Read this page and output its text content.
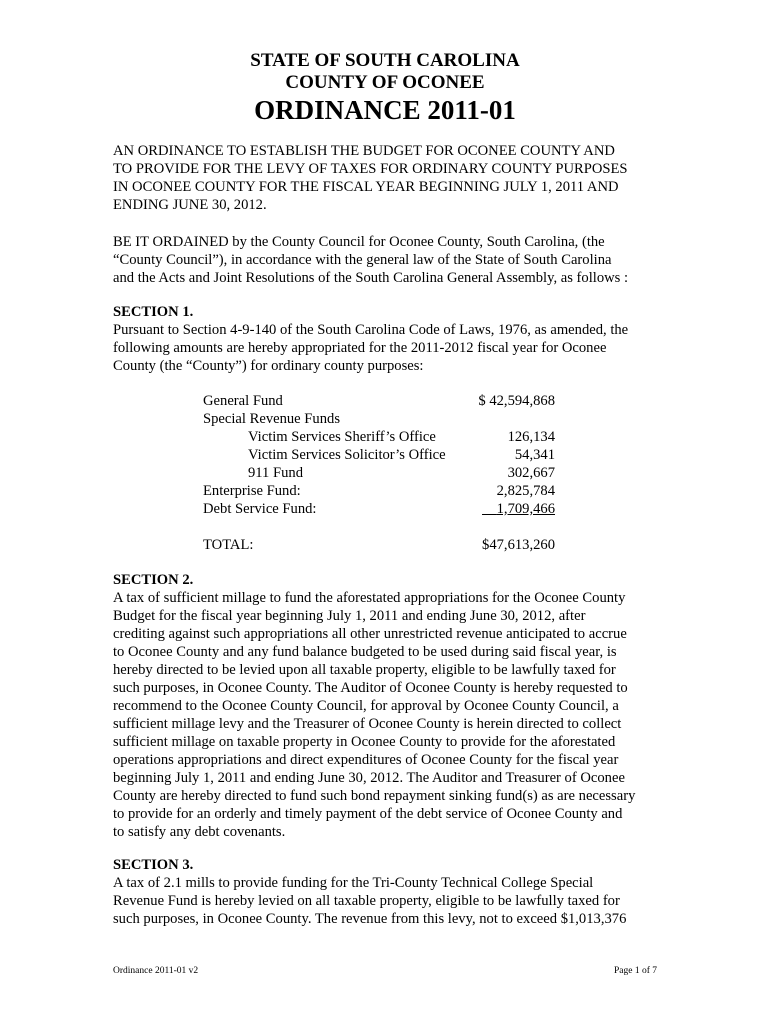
STATE OF SOUTH CAROLINA
COUNTY OF OCONEE
ORDINANCE 2011-01
AN ORDINANCE TO ESTABLISH THE BUDGET FOR OCONEE COUNTY AND
TO PROVIDE FOR THE LEVY OF TAXES FOR ORDINARY COUNTY PURPOSES
IN OCONEE COUNTY FOR THE FISCAL YEAR BEGINNING JULY 1, 2011 AND
ENDING JUNE 30, 2012.
BE IT ORDAINED by the County Council for Oconee County, South Carolina, (the
“County Council”), in accordance with the general law of the State of South Carolina
and the Acts and Joint Resolutions of the South Carolina General Assembly, as follows :
SECTION 1.
Pursuant to Section 4-9-140 of the South Carolina Code of Laws, 1976, as amended, the
following amounts are hereby appropriated for the 2011-2012 fiscal year for Oconee
County (the “County”) for ordinary county purposes:
General Fund	$ 42,594,868
Special Revenue Funds
Victim Services Sheriff’s Office	126,134
Victim Services Solicitor’s Office	54,341
911 Fund	302,667
Enterprise Fund:	2,825,784
Debt Service Fund:	1,709,466
TOTAL:	$47,613,260
SECTION 2.
A tax of sufficient millage to fund the aforestated appropriations for the Oconee County
Budget for the fiscal year beginning July 1, 2011 and ending June 30, 2012, after
crediting against such appropriations all other unrestricted revenue anticipated to accrue
to Oconee County and any fund balance budgeted to be used during said fiscal year, is
hereby directed to be levied upon all taxable property, eligible to be lawfully taxed for
such purposes, in Oconee County. The Auditor of Oconee County is hereby requested to
recommend to the Oconee County Council, for approval by Oconee County Council, a
sufficient millage levy and the Treasurer of Oconee County is herein directed to collect
sufficient millage on taxable property in Oconee County to provide for the aforestated
operations appropriations and direct expenditures of Oconee County for the fiscal year
beginning July 1, 2011 and ending June 30, 2012. The Auditor and Treasurer of Oconee
County are hereby directed to fund such bond repayment sinking fund(s) as are necessary
to provide for an orderly and timely payment of the debt service of Oconee County and
to satisfy any debt covenants.
SECTION 3.
A tax of 2.1 mills to provide funding for the Tri-County Technical College Special
Revenue Fund is hereby levied on all taxable property, eligible to be lawfully taxed for
such purposes, in Oconee County. The revenue from this levy, not to exceed $1,013,376
Ordinance 2011-01 v2	Page 1 of 7
